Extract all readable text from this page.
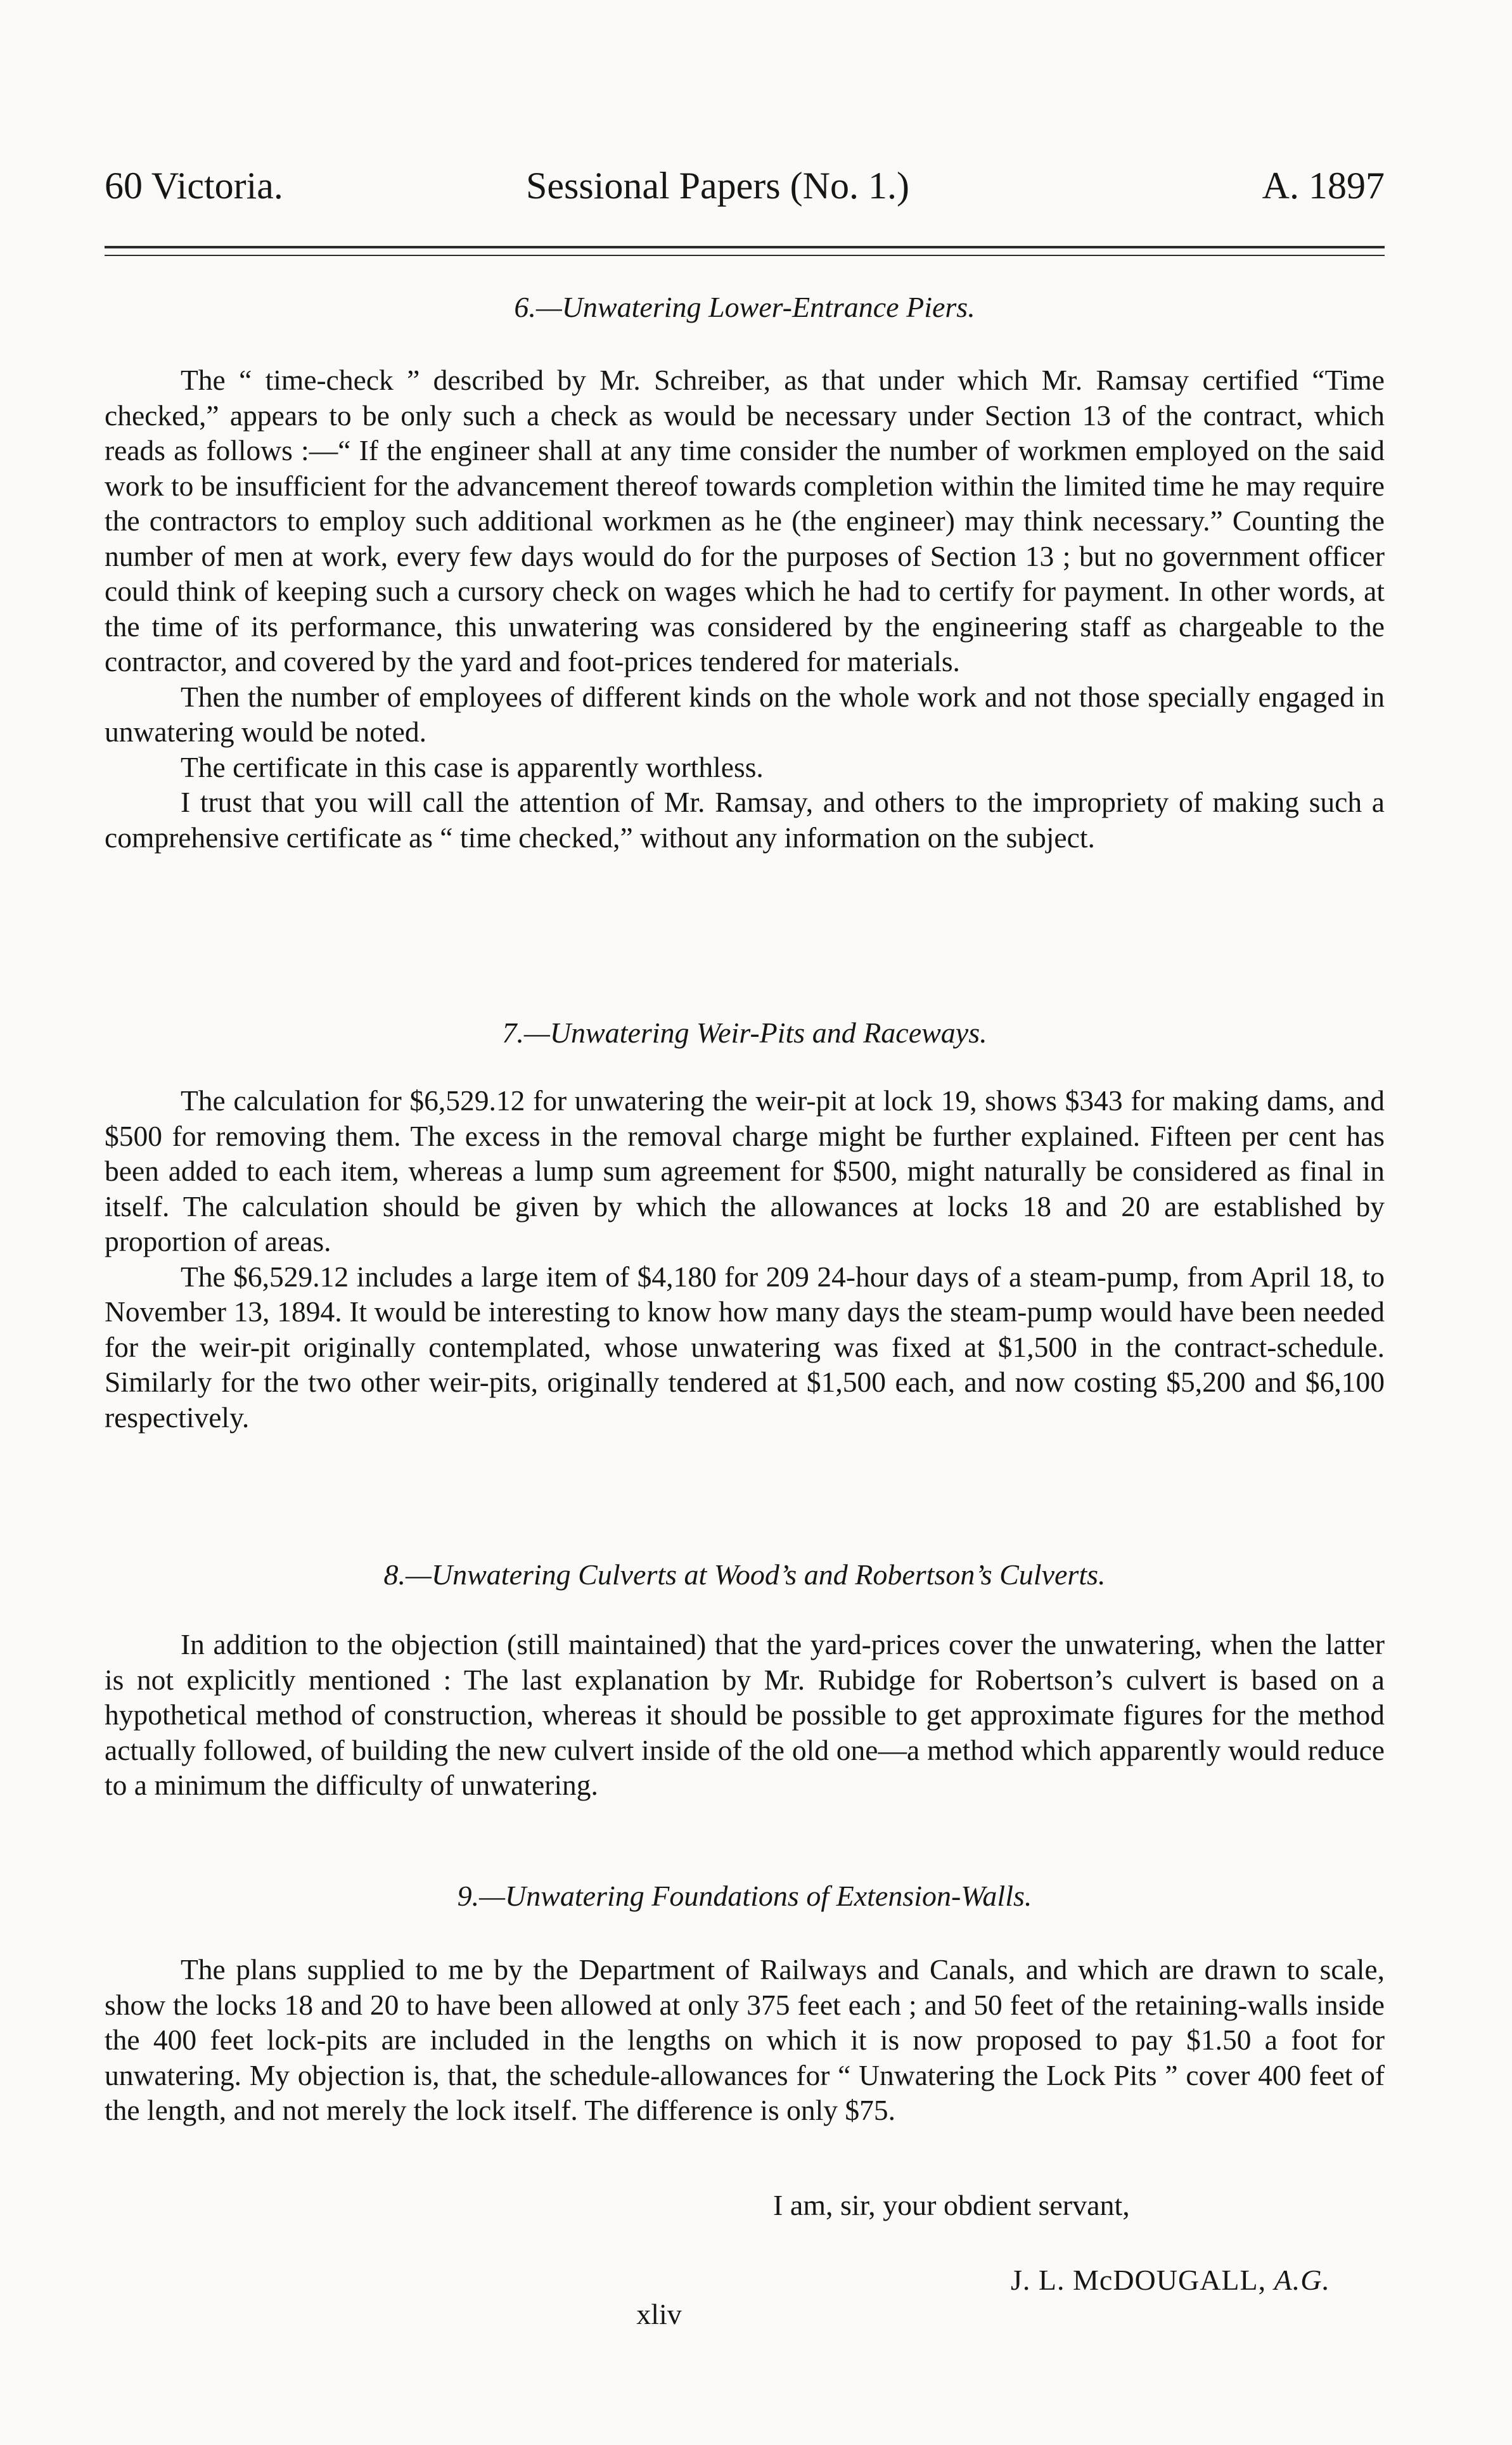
60 Victoria.	Sessional Papers (No. 1.)	A. 1897
6.—Unwatering Lower-Entrance Piers.

The “ time-check ” described by Mr. Schreiber, as that under which Mr. Ramsay certified “Time checked,” appears to be only such a check as would be necessary under Section 13 of the contract, which reads as follows :—“ If the engineer shall at any time consider the number of workmen employed on the said work to be insufficient for the advancement thereof towards completion within the limited time he may require the contractors to employ such additional workmen as he (the engineer) may think necessary.” Counting the number of men at work, every few days would do for the purposes of Section 13 ; but no government officer could think of keeping such a cursory check on wages which he had to certify for payment. In other words, at the time of its performance, this unwatering was considered by the engineering staff as chargeable to the contractor, and covered by the yard and foot-prices tendered for materials.

Then the number of employees of different kinds on the whole work and not those specially engaged in unwatering would be noted.

The certificate in this case is apparently worthless.

I trust that you will call the attention of Mr. Ramsay, and others to the impropriety of making such a comprehensive certificate as “ time checked,” without any information on the subject.

7.—Unwatering Weir-Pits and Raceways.

The calculation for $6,529.12 for unwatering the weir-pit at lock 19, shows $343 for making dams, and $500 for removing them. The excess in the removal charge might be further explained. Fifteen per cent has been added to each item, whereas a lump sum agreement for $500, might naturally be considered as final in itself. The calculation should be given by which the allowances at locks 18 and 20 are established by proportion of areas.

The $6,529.12 includes a large item of $4,180 for 209 24-hour days of a steam-pump, from April 18, to November 13, 1894. It would be interesting to know how many days the steam-pump would have been needed for the weir-pit originally contemplated, whose unwatering was fixed at $1,500 in the contract-schedule. Similarly for the two other weir-pits, originally tendered at $1,500 each, and now costing $5,200 and $6,100 respectively.

8.—Unwatering Culverts at Wood’s and Robertson’s Culverts.

In addition to the objection (still maintained) that the yard-prices cover the unwatering, when the latter is not explicitly mentioned : The last explanation by Mr. Rubidge for Robertson’s culvert is based on a hypothetical method of construction, whereas it should be possible to get approximate figures for the method actually followed, of building the new culvert inside of the old one—a method which apparently would reduce to a minimum the difficulty of unwatering.

9.—Unwatering Foundations of Extension-Walls.

The plans supplied to me by the Department of Railways and Canals, and which are drawn to scale, show the locks 18 and 20 to have been allowed at only 375 feet each ; and 50 feet of the retaining-walls inside the 400 feet lock-pits are included in the lengths on which it is now proposed to pay $1.50 a foot for unwatering. My objection is, that, the schedule-allowances for “ Unwatering the Lock Pits ” cover 400 feet of the length, and not merely the lock itself. The difference is only $75.

I am, sir, your obdient servant,
J. L. McDOUGALL, A.G.
xliv
